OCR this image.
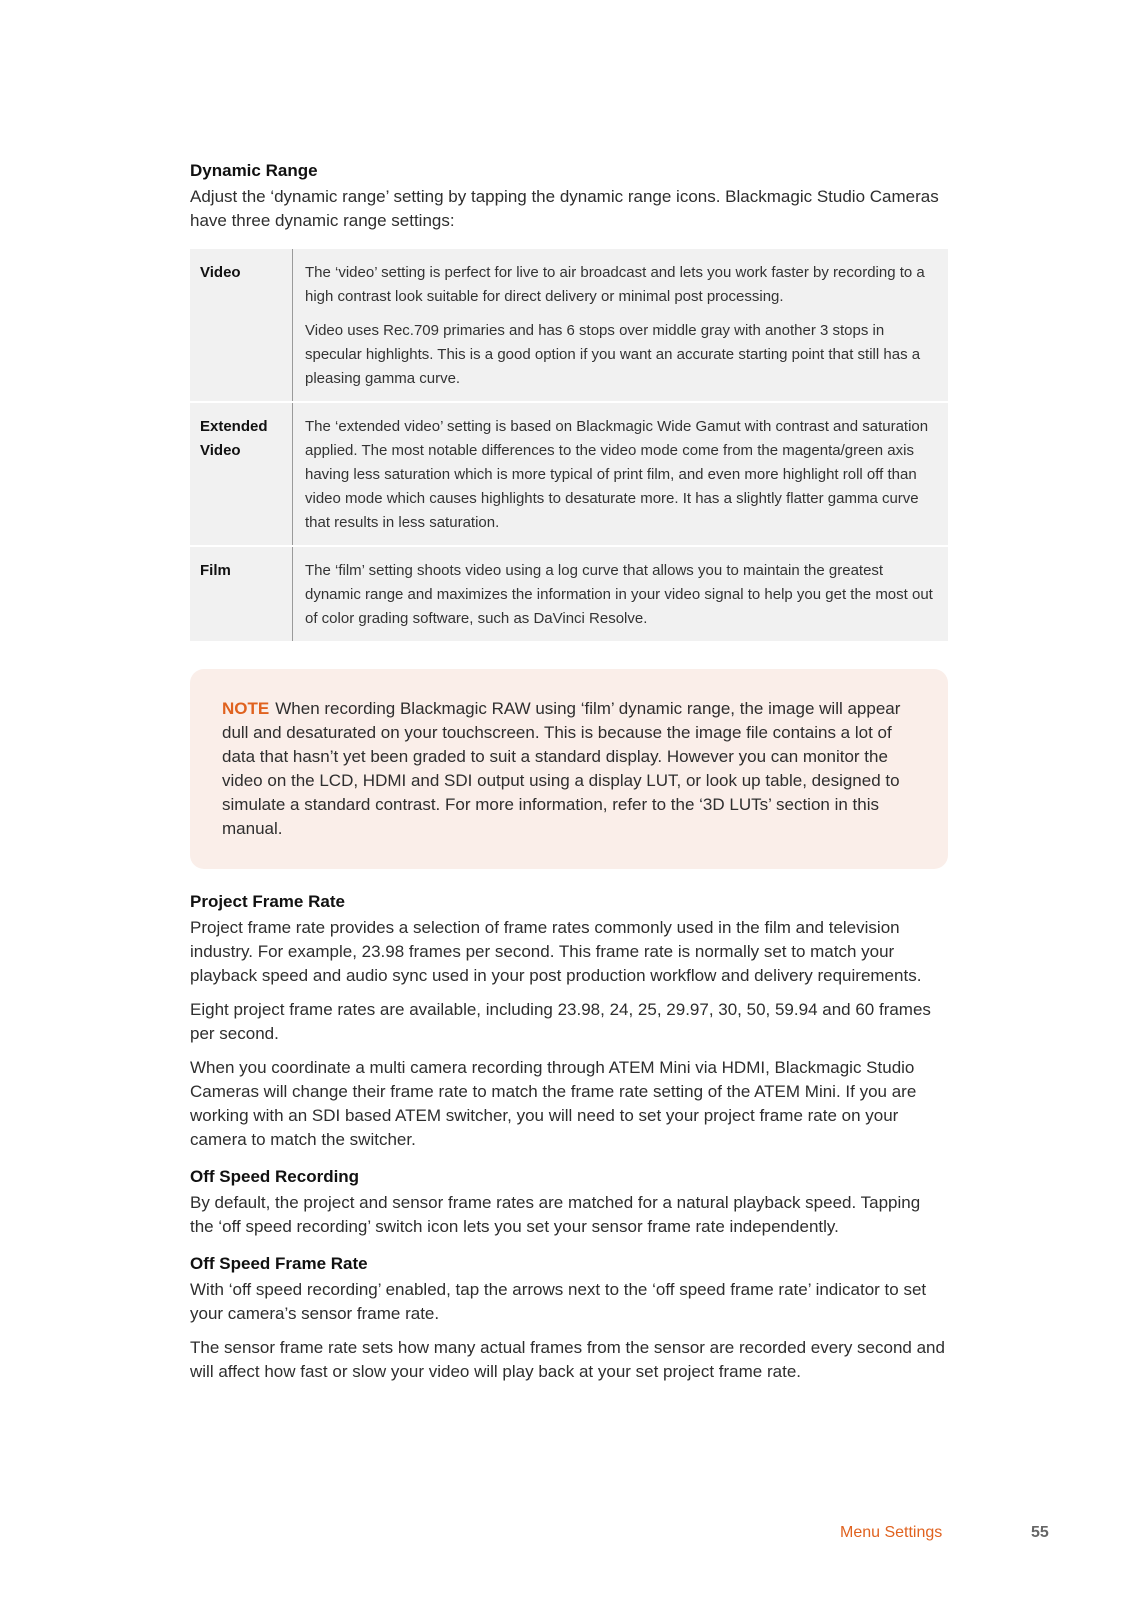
Dynamic Range

Adjust the ‘dynamic range’ setting by tapping the dynamic range icons. Blackmagic Studio Cameras have three dynamic range settings:

Video	The ‘video’ setting is perfect for live to air broadcast and lets you work faster by recording to a high contrast look suitable for direct delivery or minimal post processing.

Video uses Rec.709 primaries and has 6 stops over middle gray with another 3 stops in specular highlights. This is a good option if you want an accurate starting point that still has a pleasing gamma curve.

Extended Video	The ‘extended video’ setting is based on Blackmagic Wide Gamut with contrast and saturation applied. The most notable differences to the video mode come from the magenta/green axis having less saturation which is more typical of print film, and even more highlight roll off than video mode which causes highlights to desaturate more. It has a slightly flatter gamma curve that results in less saturation.

Film	The ‘film’ setting shoots video using a log curve that allows you to maintain the greatest dynamic range and maximizes the information in your video signal to help you get the most out of color grading software, such as DaVinci Resolve.

NOTE When recording Blackmagic RAW using ‘film’ dynamic range, the image will appear dull and desaturated on your touchscreen. This is because the image file contains a lot of data that hasn’t yet been graded to suit a standard display. However you can monitor the video on the LCD, HDMI and SDI output using a display LUT, or look up table, designed to simulate a standard contrast. For more information, refer to the ‘3D LUTs’ section in this manual.
Project Frame Rate

Project frame rate provides a selection of frame rates commonly used in the film and television industry. For example, 23.98 frames per second. This frame rate is normally set to match your playback speed and audio sync used in your post production workflow and delivery requirements.

Eight project frame rates are available, including 23.98, 24, 25, 29.97, 30, 50, 59.94 and 60 frames per second.

When you coordinate a multi camera recording through ATEM Mini via HDMI, Blackmagic Studio Cameras will change their frame rate to match the frame rate setting of the ATEM Mini. If you are working with an SDI based ATEM switcher, you will need to set your project frame rate on your camera to match the switcher.

Off Speed Recording

By default, the project and sensor frame rates are matched for a natural playback speed. Tapping the ‘off speed recording’ switch icon lets you set your sensor frame rate independently.

Off Speed Frame Rate

With ‘off speed recording’ enabled, tap the arrows next to the ‘off speed frame rate’ indicator to set your camera’s sensor frame rate.

The sensor frame rate sets how many actual frames from the sensor are recorded every second and will affect how fast or slow your video will play back at your set project frame rate.

Menu Settings	55
